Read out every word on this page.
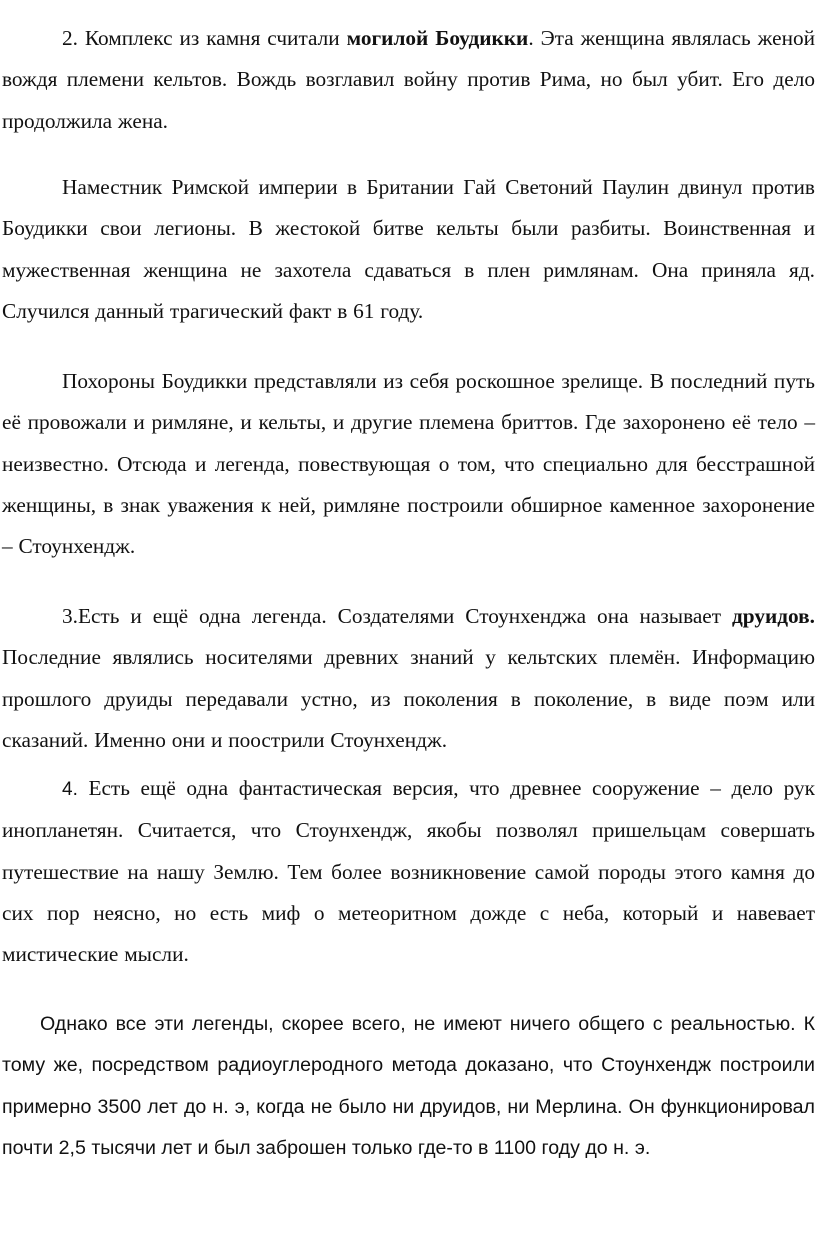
2. Комплекс из камня считали могилой Боудикки. Эта женщина являлась женой вождя племени кельтов. Вождь возглавил войну против Рима, но был убит. Его дело продолжила жена.

Наместник Римской империи в Британии Гай Светоний Паулин двинул против Боудикки свои легионы. В жестокой битве кельты были разбиты. Воинственная и мужественная женщина не захотела сдаваться в плен римлянам. Она приняла яд. Случился данный трагический факт в 61 году.

Похороны Боудикки представляли из себя роскошное зрелище. В последний путь её провожали и римляне, и кельты, и другие племена бриттов. Где захоронено её тело – неизвестно. Отсюда и легенда, повествующая о том, что специально для бесстрашной женщины, в знак уважения к ней, римляне построили обширное каменное захоронение – Стоунхендж.

3.Есть и ещё одна легенда. Создателями Стоунхенджа она называет друидов. Последние являлись носителями древних знаний у кельтских племён. Информацию прошлого друиды передавали устно, из поколения в поколение, в виде поэм или сказаний. Именно они и поострили Стоунхендж.

4. Есть ещё одна фантастическая версия, что древнее сооружение – дело рук инопланетян. Считается, что Стоунхендж, якобы позволял пришельцам совершать путешествие на нашу Землю. Тем более возникновение самой породы этого камня до сих пор неясно, но есть миф о метеоритном дожде с неба, который и навевает мистические мысли.

Однако все эти легенды, скорее всего, не имеют ничего общего с реальностью. К тому же, посредством радиоуглеродного метода доказано, что Стоунхендж построили примерно 3500 лет до н. э, когда не было ни друидов, ни Мерлина. Он функционировал почти 2,5 тысячи лет и был заброшен только где-то в 1100 году до н. э.
